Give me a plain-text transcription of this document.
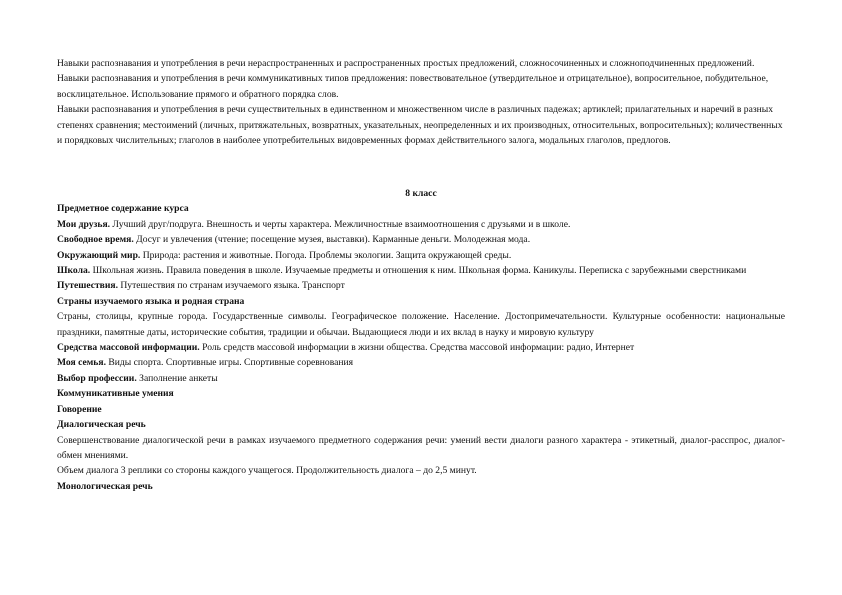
Навыки распознавания и употребления в речи нераспространенных и распространенных простых предложений, сложносочиненных и сложноподчиненных предложений.

Навыки распознавания и употребления в речи коммуникативных типов предложения: повествовательное (утвердительное и отрицательное), вопросительное, побудительное, восклицательное. Использование прямого и обратного порядка слов.

Навыки распознавания и употребления в речи существительных в единственном и множественном числе в различных падежах; артиклей; прилагательных и наречий в разных степенях сравнения; местоимений (личных, притяжательных, возвратных, указательных, неопределенных и их производных, относительных, вопросительных); количественных и порядковых числительных; глаголов в наиболее употребительных видовременных формах действительного залога, модальных глаголов, предлогов.

8 класс

Предметное содержание курса

Мои друзья. Лучший друг/подруга. Внешность и черты характера. Межличностные взаимоотношения с друзьями и в школе.

Свободное время. Досуг и увлечения (чтение; посещение музея, выставки). Карманные деньги. Молодежная мода.

Окружающий мир. Природа: растения и животные. Погода. Проблемы экологии. Защита окружающей среды.

Школа. Школьная жизнь. Правила поведения в школе. Изучаемые предметы и отношения к ним. Школьная форма. Каникулы. Переписка с зарубежными сверстниками

Путешествия. Путешествия по странам изучаемого языка. Транспорт

Страны изучаемого языка и родная страна

Страны, столицы, крупные города. Государственные символы. Географическое положение. Население. Достопримечательности. Культурные особенности: национальные праздники, памятные даты, исторические события, традиции и обычаи. Выдающиеся люди и их вклад в науку и мировую культуру

Средства массовой информации. Роль средств массовой информации в жизни общества. Средства массовой информации: радио, Интернет

Моя семья. Виды спорта. Спортивные игры. Спортивные соревнования

Выбор профессии. Заполнение анкеты

Коммуникативные умения

Говорение

Диалогическая речь

Совершенствование диалогической речи в рамках изучаемого предметного содержания речи: умений вести диалоги разного характера - этикетный, диалог-расспрос, диалог-обмен мнениями.

Объем диалога 3 реплики со стороны каждого учащегося. Продолжительность диалога – до 2,5 минут.

Монологическая речь
